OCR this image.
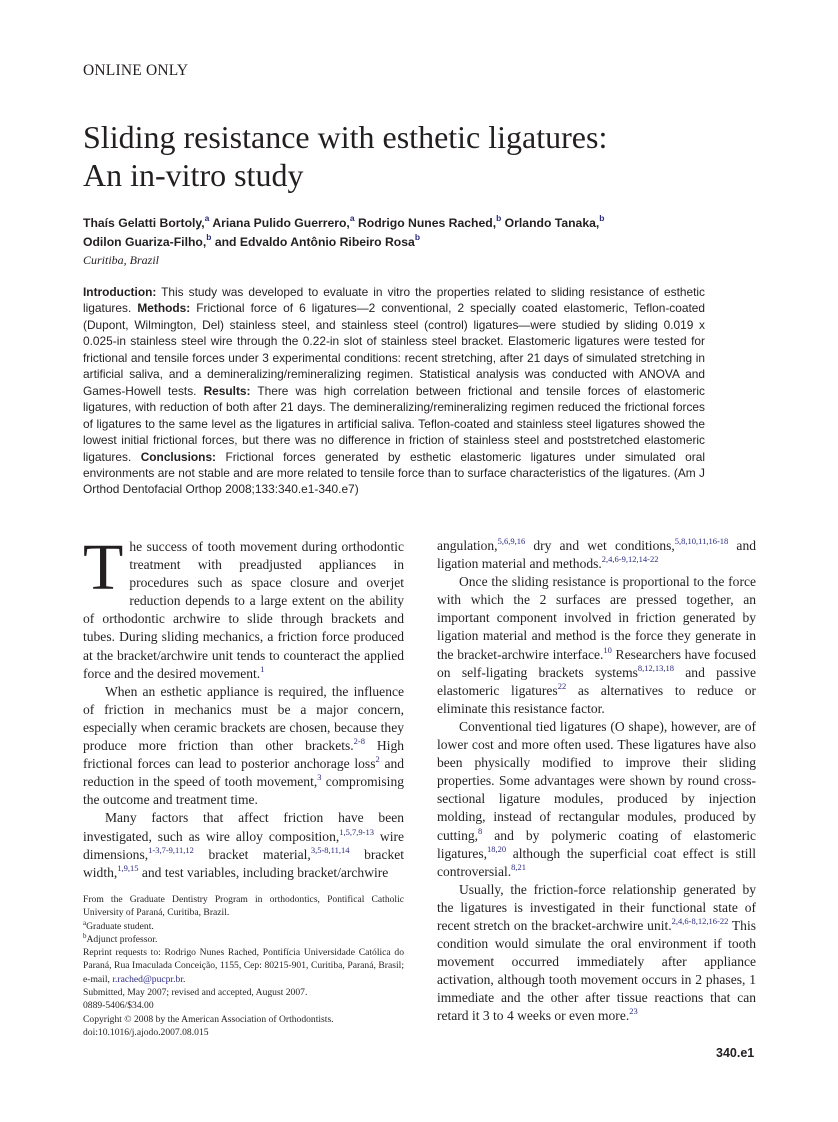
ONLINE ONLY
Sliding resistance with esthetic ligatures:
An in-vitro study
Thaís Gelatti Bortoly,$^a$ Ariana Pulido Guerrero,$^a$ Rodrigo Nunes Rached,$^b$ Orlando Tanaka,$^b$
Odilon Guariza-Filho,$^b$ and Edvaldo Antônio Ribeiro Rosa$^b$
Curitiba, Brazil

Introduction: This study was developed to evaluate in vitro the properties related to sliding resistance of esthetic ligatures. Methods: Frictional force of 6 ligatures—2 conventional, 2 specially coated elastomeric, Teflon-coated (Dupont, Wilmington, Del) stainless steel, and stainless steel (control) ligatures—were studied by sliding 0.019 x 0.025-in stainless steel wire through the 0.22-in slot of stainless steel bracket. Elastomeric ligatures were tested for frictional and tensile forces under 3 experimental conditions: recent stretching, after 21 days of simulated stretching in artificial saliva, and a demineralizing/remineralizing regimen. Statistical analysis was conducted with ANOVA and Games-Howell tests. Results: There was high correlation between frictional and tensile forces of elastomeric ligatures, with reduction of both after 21 days. The demineralizing/remineralizing regimen reduced the frictional forces of ligatures to the same level as the ligatures in artificial saliva. Teflon-coated and stainless steel ligatures showed the lowest initial frictional forces, but there was no difference in friction of stainless steel and poststretched elastomeric ligatures. Conclusions: Frictional forces generated by esthetic elastomeric ligatures under simulated oral environments are not stable and are more related to tensile force than to surface characteristics of the ligatures. (Am J Orthod Dentofacial Orthop 2008;133:340.e1-340.e7)

The success of tooth movement during orthodontic treatment with preadjusted appliances in procedures such as space closure and overjet reduction depends to a large extent on the ability of orthodontic archwire to slide through brackets and tubes. During sliding mechanics, a friction force produced at the bracket/archwire unit tends to counteract the applied force and the desired movement.$^1$

When an esthetic appliance is required, the influence of friction in mechanics must be a major concern, especially when ceramic brackets are chosen, because they produce more friction than other brackets.$^{2-8}$ High frictional forces can lead to posterior anchorage loss$^2$ and reduction in the speed of tooth movement,$^3$ compromising the outcome and treatment time.

Many factors that affect friction have been investigated, such as wire alloy composition,$^{1,5,7,9-13}$ wire dimensions,$^{1-3,7-9,11,12}$ bracket material,$^{3,5-8,11,14}$ bracket width,$^{1,9,15}$ and test variables, including bracket/archwire

angulation,$^{5,6,9,16}$ dry and wet conditions,$^{5,8,10,11,16-18}$ and ligation material and methods.$^{2,4,6-9,12,14-22}$

Once the sliding resistance is proportional to the force with which the 2 surfaces are pressed together, an important component involved in friction generated by ligation material and method is the force they generate in the bracket-archwire interface.$^{10}$ Researchers have focused on self-ligating brackets systems$^{8,12,13,18}$ and passive elastomeric ligatures$^{22}$ as alternatives to reduce or eliminate this resistance factor.

Conventional tied ligatures (O shape), however, are of lower cost and more often used. These ligatures have also been physically modified to improve their sliding properties. Some advantages were shown by round cross-sectional ligature modules, produced by injection molding, instead of rectangular modules, produced by cutting,$^8$ and by polymeric coating of elastomeric ligatures,$^{18,20}$ although the superficial coat effect is still controversial.$^{8,21}$

Usually, the friction-force relationship generated by the ligatures is investigated in their functional state of recent stretch on the bracket-archwire unit.$^{2,4,6-8,12,16-22}$ This condition would simulate the oral environment if tooth movement occurred immediately after appliance activation, although tooth movement occurs in 2 phases, 1 immediate and the other after tissue reactions that can retard it 3 to 4 weeks or even more.$^{23}$

From the Graduate Dentistry Program in orthodontics, Pontifical Catholic University of Paraná, Curitiba, Brazil.
$^a$Graduate student.
$^b$Adjunct professor.
Reprint requests to: Rodrigo Nunes Rached, Pontifícia Universidade Católica do Paraná, Rua Imaculada Conceição, 1155, Cep: 80215-901, Curitiba, Paraná, Brasil; e-mail, r.rached@pucpr.br.
Submitted, May 2007; revised and accepted, August 2007.
0889-5406/$34.00
Copyright © 2008 by the American Association of Orthodontists.
doi:10.1016/j.ajodo.2007.08.015
340.e1
